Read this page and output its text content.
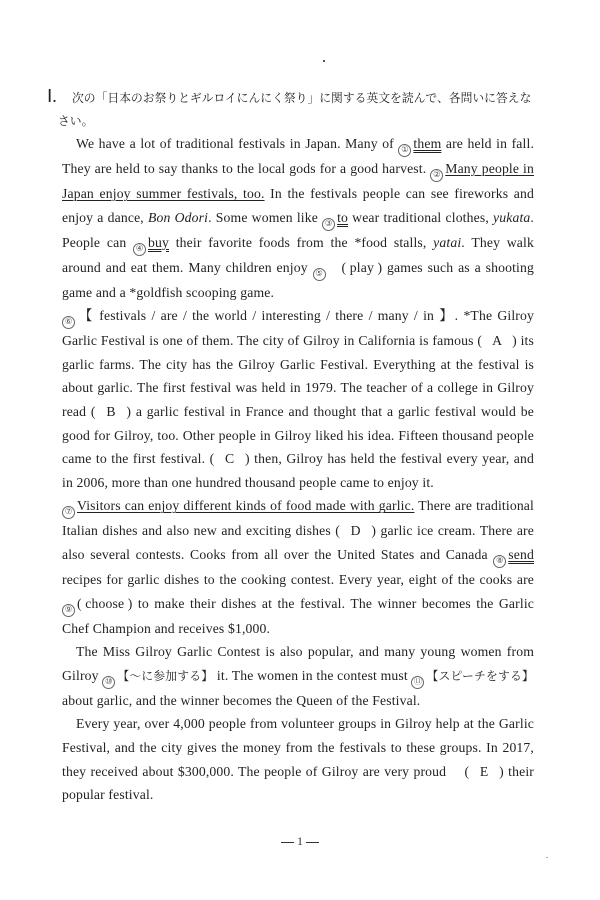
Ⅰ.	次の「日本のお祭りとギルロイにんにく祭り」に関する英文を読んで、各問いに答えな
さい。

We have a lot of traditional festivals in Japan. Many of ① them are held in fall. They are held to say thanks to the local gods for a good harvest. ② Many people in Japan enjoy summer festivals, too. In the festivals people can see fireworks and enjoy a dance, Bon Odori. Some women like ③ to wear traditional clothes, yukata. People can ④ buy their favorite foods from the *food stalls, yatai. They walk around and eat them. Many children enjoy ⑤ ( play ) games such as a shooting game and a *goldfish scooping game.

⑥ 【 festivals / are / the world / interesting / there / many / in 】. *The Gilroy Garlic Festival is one of them. The city of Gilroy in California is famous (   A   ) its garlic farms. The city has the Gilroy Garlic Festival. Everything at the festival is about garlic. The first festival was held in 1979. The teacher of a college in Gilroy read (   B   ) a garlic festival in France and thought that a garlic festival would be good for Gilroy, too. Other people in Gilroy liked his idea. Fifteen thousand people came to the first festival. (   C   ) then, Gilroy has held the festival every year, and in 2006, more than one hundred thousand people came to enjoy it.

⑦ Visitors can enjoy different kinds of food made with garlic. There are traditional Italian dishes and also new and exciting dishes (   D   ) garlic ice cream. There are also several contests. Cooks from all over the United States and Canada ⑧ send recipes for garlic dishes to the cooking contest. Every year, eight of the cooks are ⑨ ( choose ) to make their dishes at the festival. The winner becomes the Garlic Chef Champion and receives $1,000.

The Miss Gilroy Garlic Contest is also popular, and many young women from Gilroy ⑩ 【～に参加する】 it. The women in the contest must ⑪ 【スピーチをする】 about garlic, and the winner becomes the Queen of the Festival.

Every year, over 4,000 people from volunteer groups in Gilroy help at the Garlic Festival, and the city gives the money from the festivals to these groups. In 2017, they received about $300,000. The people of Gilroy are very proud (   E   ) their popular festival.

1
